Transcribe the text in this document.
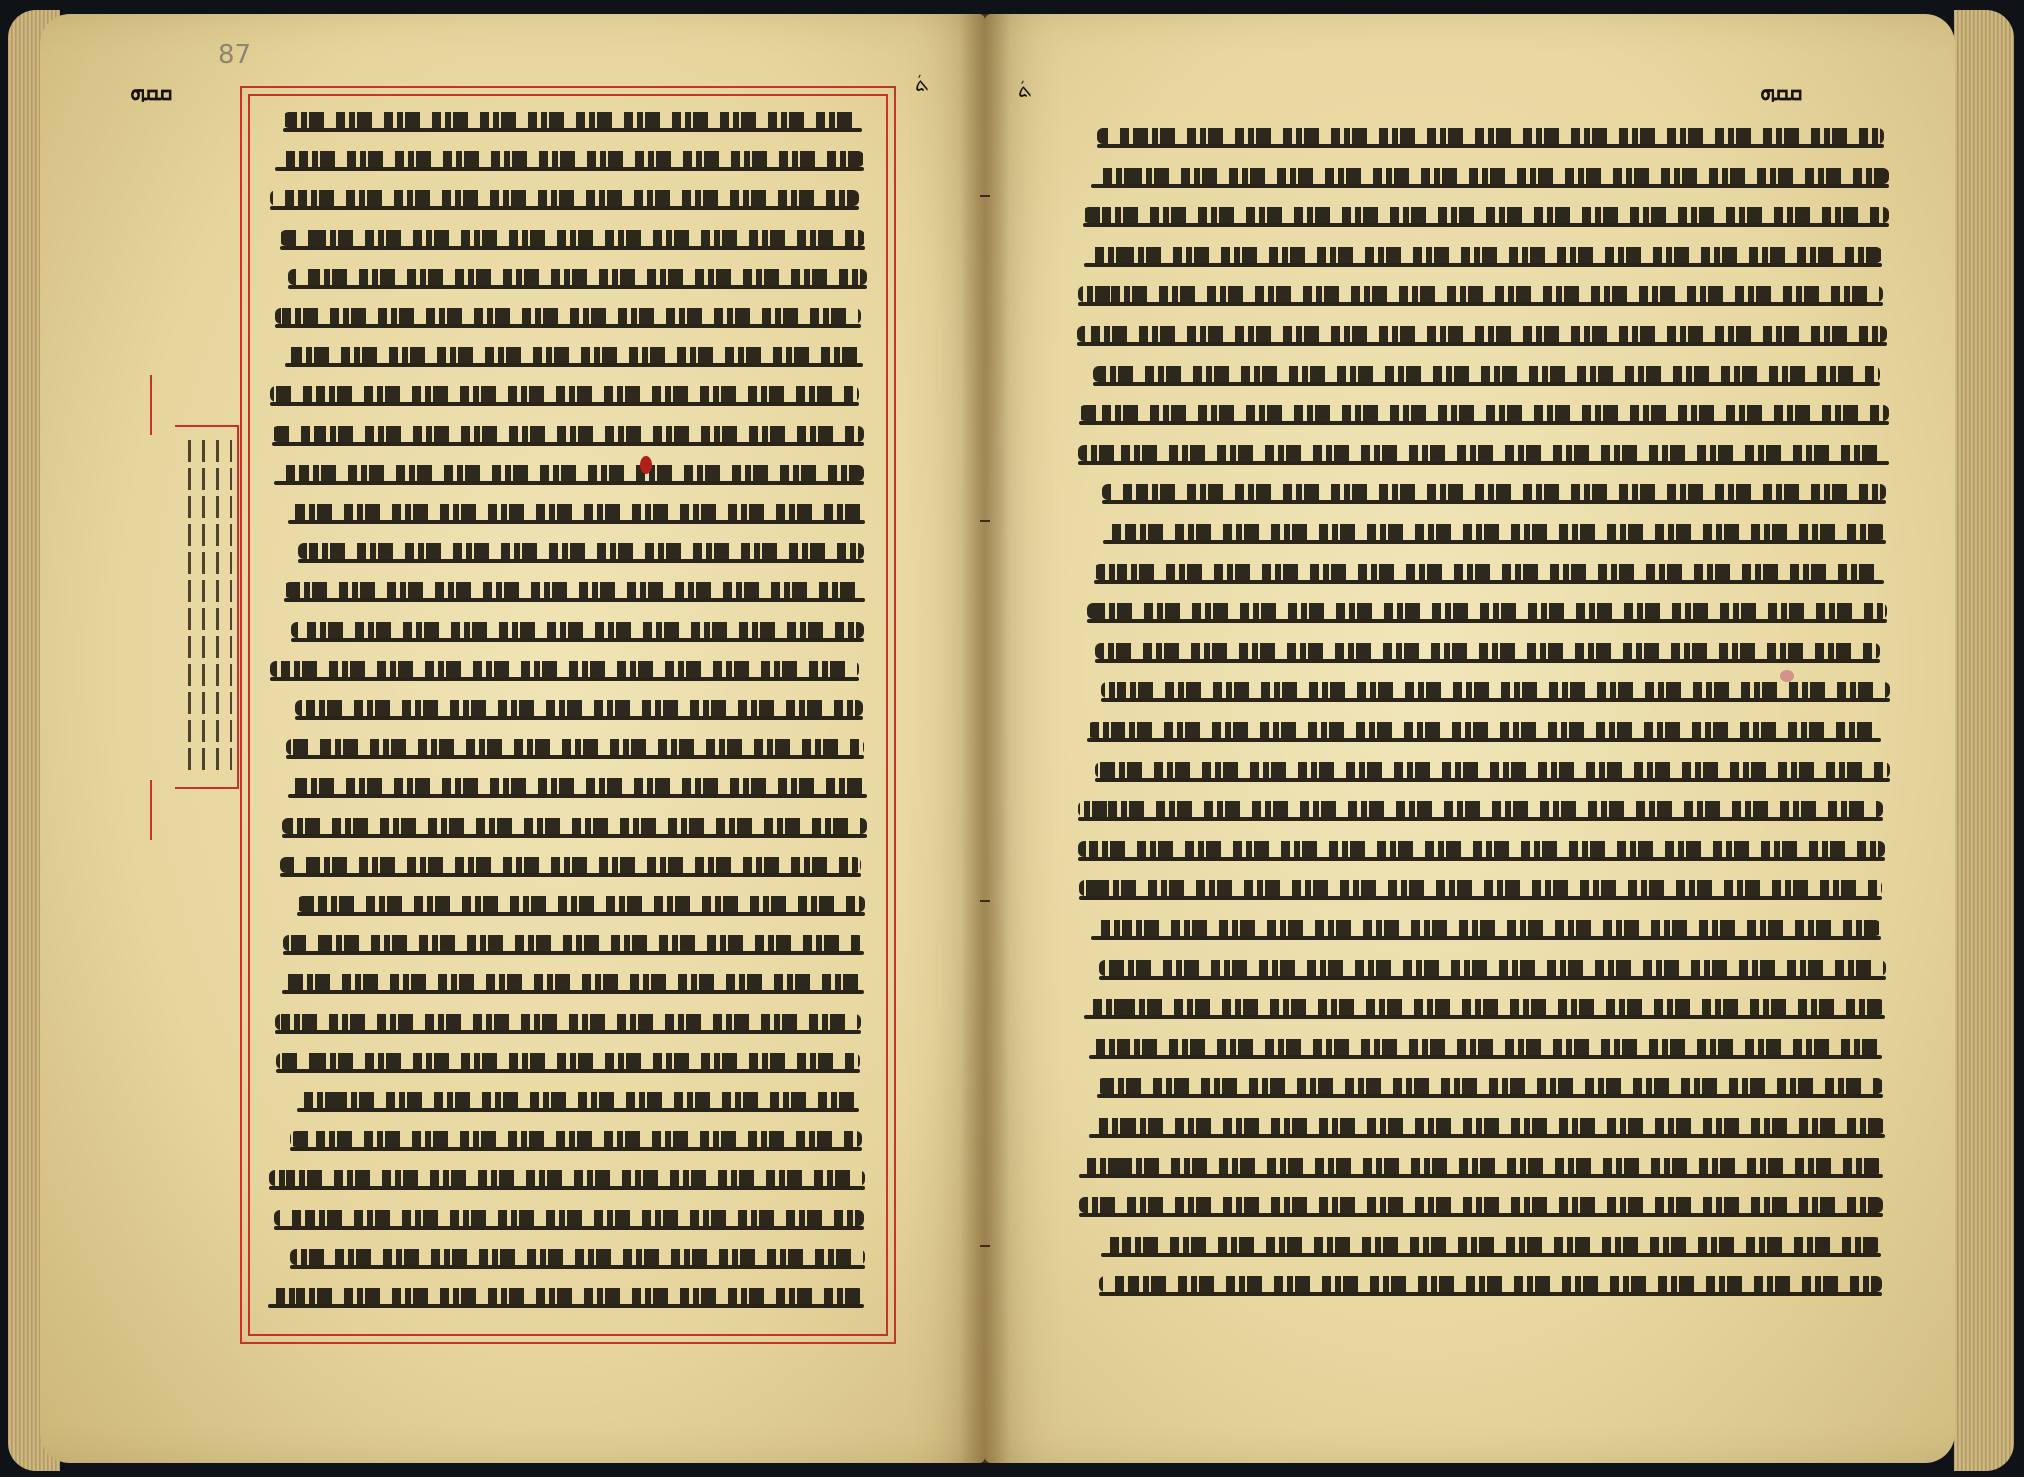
ܩܩܗ	ܩܩܗ
87
ܬܿ	ܬܿ
